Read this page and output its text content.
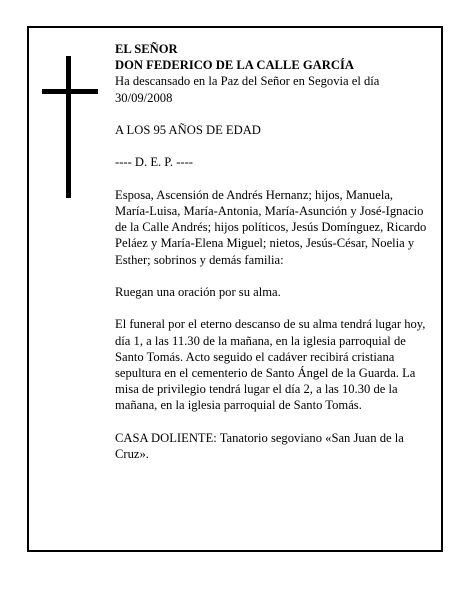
EL SEÑOR

DON FEDERICO DE LA CALLE GARCÍA

Ha descansado en la Paz del Señor en Segovia el día 30/09/2008

A LOS 95 AÑOS DE EDAD

---- D. E. P. ----

Esposa, Ascensión de Andrés Hernanz; hijos, Manuela, María-Luisa, María-Antonia, María-Asunción y José-Ignacio de la Calle Andrés; hijos políticos, Jesús Domínguez, Ricardo Peláez y María-Elena Miguel; nietos, Jesús-César, Noelia y Esther; sobrinos y demás familia:

Ruegan una oración por su alma.

El funeral por el eterno descanso de su alma tendrá lugar hoy, día 1, a las 11.30 de la mañana, en la iglesia parroquial de Santo Tomás. Acto seguido el cadáver recibirá cristiana sepultura en el cementerio de Santo Ángel de la Guarda. La misa de privilegio tendrá lugar el día 2, a las 10.30 de la mañana, en la iglesia parroquial de Santo Tomás.

CASA DOLIENTE: Tanatorio segoviano «San Juan de la Cruz».
